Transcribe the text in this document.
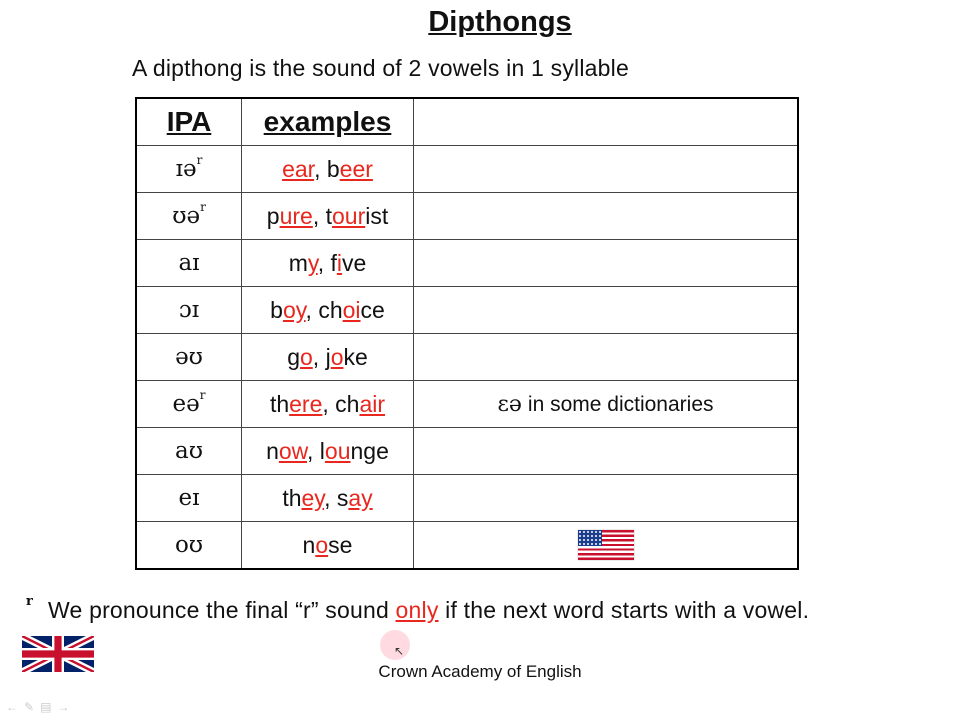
Dipthongs
A dipthong is the sound of 2 vowels in 1 syllable
IPA	examples	
ɪə$^r$	ear, beer	
ʊə$^r$	pure, tourist	
aɪ	my, five	
ɔɪ	boy, choice	
əʊ	go, joke	
eə$^r$	there, chair	ɛə in some dictionaries
aʊ	now, lounge	
eɪ	they, say	
oʊ	nose	
r We pronounce the final “r” sound only if the next word starts with a vowel.
↖
Crown Academy of English
← ✎ ▤ →
